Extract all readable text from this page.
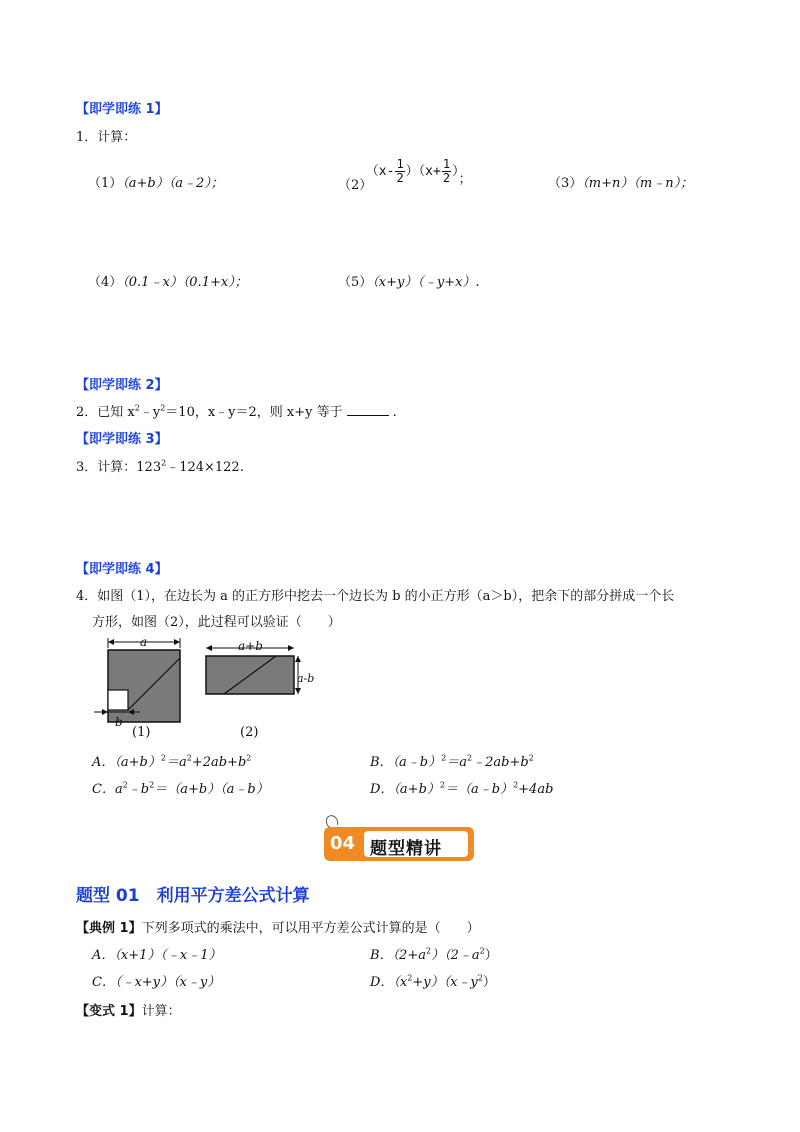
【即学即练 1】
1．计算：
（1）（a+b）（a﹣2）；	$(2)(x- \frac{1}{2} )(x+ \frac{1}{2}$ ）；	（3）（m+n）（m﹣n）；
（4）（0.1﹣x）（0.1+x）；	（5）（x+y）（﹣y+x）.
【即学即练 2】
2．已知 $x^2﹣y^2=10$，x﹣y＝2，则 x+y 等于	.
【即学即练 3】
3．计算：$123^2﹣124\times 122$.
【即学即练 4】
4．如图（1），在边长为 a 的正方形中挖去一个边长为 b 的小正方形（a＞b），把余下的部分拼成一个长
方形，如图（2），此过程可以验证（　　）
a
b
(1)
a+b
a-b
(2)
A．$(a+b)^2=a^2+2ab+b^2$	B．$(a﹣b)^2=a^2﹣2ab+b^2$
C．$a^2﹣b^2=(a+b)(a﹣b)$	D．$(a+b)^2=(a﹣b)^2+4ab$
04 题型精讲
题型 01　利用平方差公式计算
【典例 1】下列多项式的乘法中，可以用平方差公式计算的是（　　）
A．（x+1）（﹣x﹣1）	B．$(2+a^2)(2﹣a^2)$
C．（﹣x+y）（x﹣y）	D．$(x^2+y)(x﹣y^2)$
【变式 1】计算：
